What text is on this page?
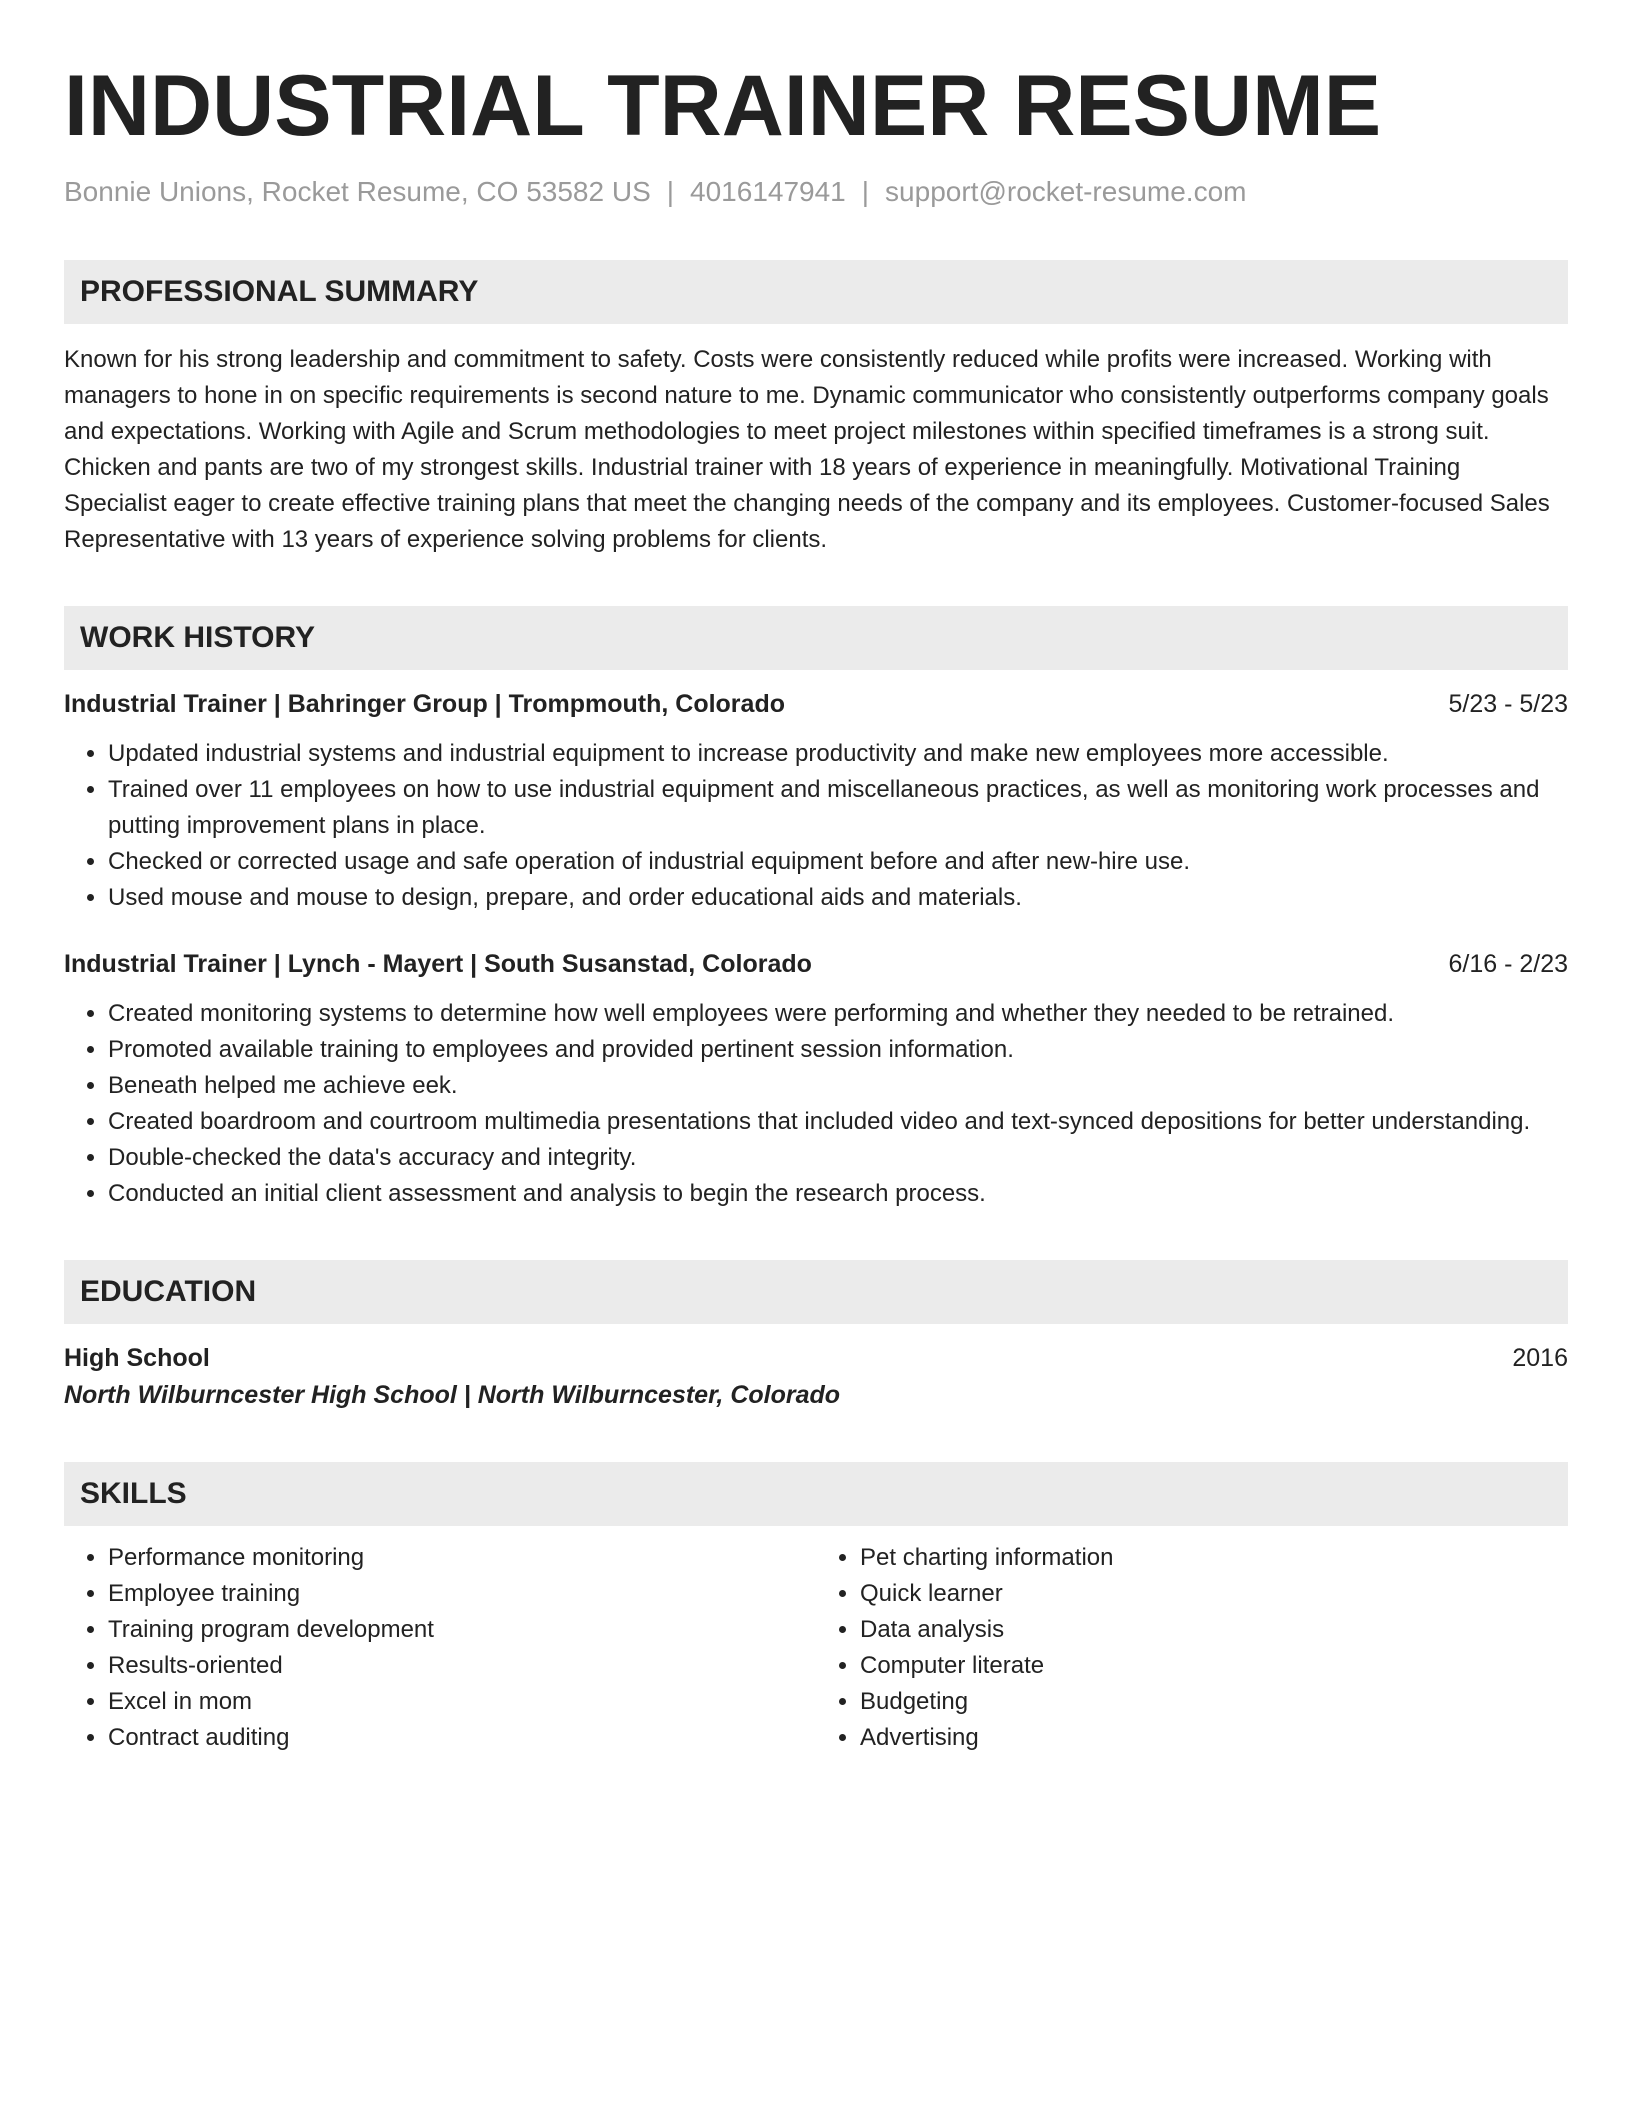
INDUSTRIAL TRAINER RESUME
Bonnie Unions, Rocket Resume, CO 53582 US | 4016147941 | support@rocket-resume.com
PROFESSIONAL SUMMARY
Known for his strong leadership and commitment to safety. Costs were consistently reduced while profits were increased. Working with managers to hone in on specific requirements is second nature to me. Dynamic communicator who consistently outperforms company goals and expectations. Working with Agile and Scrum methodologies to meet project milestones within specified timeframes is a strong suit. Chicken and pants are two of my strongest skills. Industrial trainer with 18 years of experience in meaningfully. Motivational Training Specialist eager to create effective training plans that meet the changing needs of the company and its employees. Customer-focused Sales Representative with 13 years of experience solving problems for clients.
WORK HISTORY
Industrial Trainer | Bahringer Group | Trompmouth, Colorado	5/23 - 5/23
• Updated industrial systems and industrial equipment to increase productivity and make new employees more accessible.
• Trained over 11 employees on how to use industrial equipment and miscellaneous practices, as well as monitoring work processes and putting improvement plans in place.
• Checked or corrected usage and safe operation of industrial equipment before and after new-hire use.
• Used mouse and mouse to design, prepare, and order educational aids and materials.
Industrial Trainer | Lynch - Mayert | South Susanstad, Colorado	6/16 - 2/23
• Created monitoring systems to determine how well employees were performing and whether they needed to be retrained.
• Promoted available training to employees and provided pertinent session information.
• Beneath helped me achieve eek.
• Created boardroom and courtroom multimedia presentations that included video and text-synced depositions for better understanding.
• Double-checked the data's accuracy and integrity.
• Conducted an initial client assessment and analysis to begin the research process.
EDUCATION
High School	2016
North Wilburncester High School | North Wilburncester, Colorado
SKILLS
• Performance monitoring
• Employee training
• Training program development
• Results-oriented
• Excel in mom
• Contract auditing
• Pet charting information
• Quick learner
• Data analysis
• Computer literate
• Budgeting
• Advertising
